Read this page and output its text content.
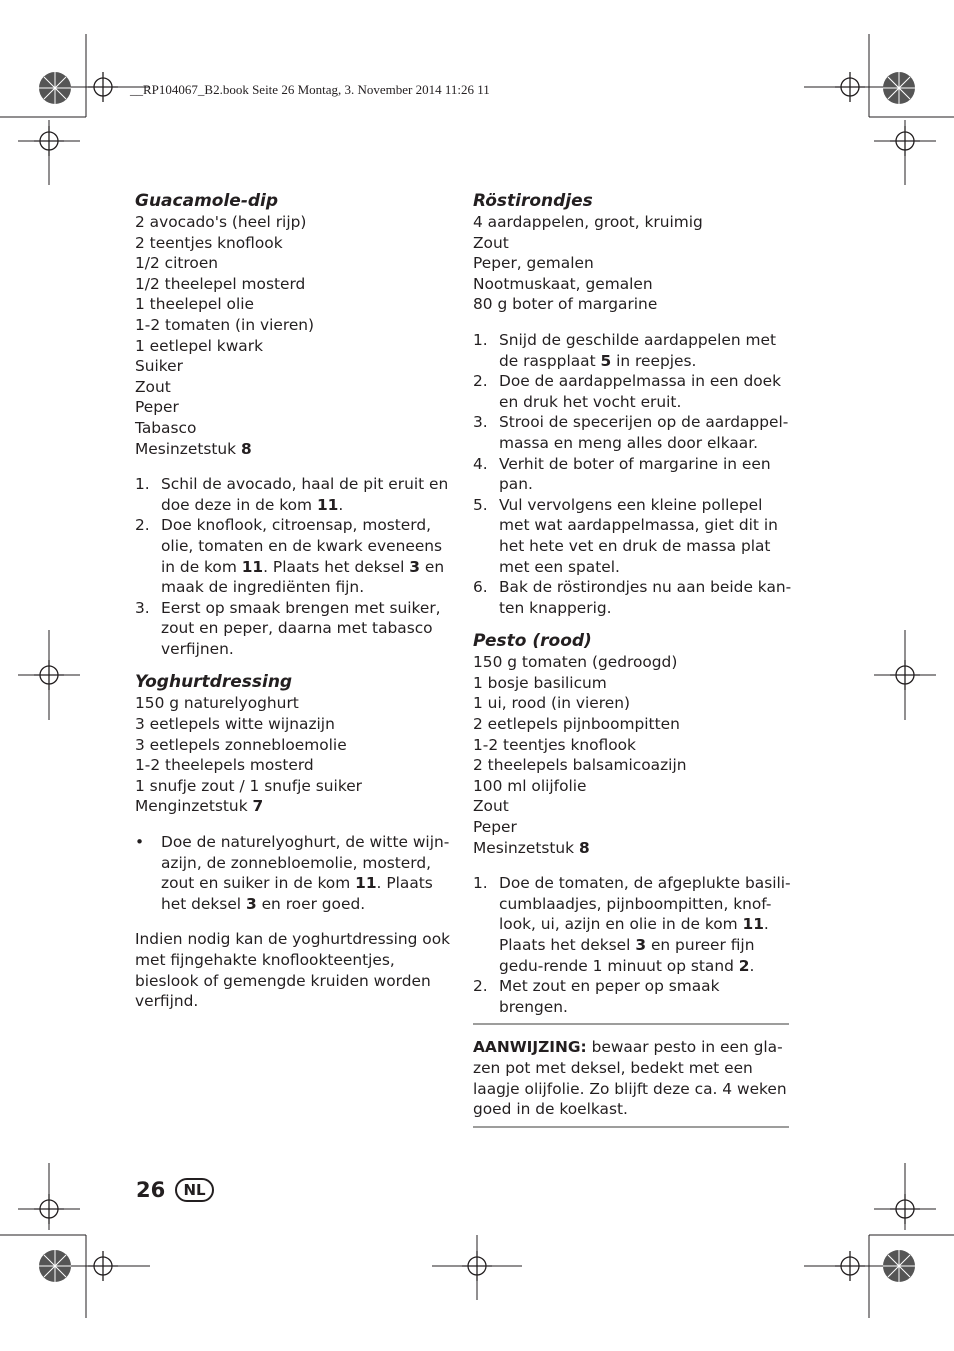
__RP104067_B2.book Seite 26 Montag, 3. November 2014 11:26 11
Guacamole-dip

2 avocado's (heel rijp)

2 teentjes knoflook

1/2 citroen

1/2 theelepel mosterd

1 theelepel olie

1-2 tomaten (in vieren)

1 eetlepel kwark

Suiker

Zout

Peper

Tabasco

Mesinzetstuk 8

1. Schil de avocado, haal de pit eruit en doe deze in de kom 11.
2. Doe knoflook, citroensap, mosterd, olie, tomaten en de kwark eveneens in de kom 11. Plaats het deksel 3 en maak de ingrediënten fijn.
3. Eerst op smaak brengen met suiker, zout en peper, daarna met tabasco verfijnen.
Yoghurtdressing

150 g naturelyoghurt

3 eetlepels witte wijnazijn

3 eetlepels zonnebloemolie

1-2 theelepels mosterd

1 snufje zout / 1 snufje suiker

Menginzetstuk 7

•	Doe de naturelyoghurt, de witte wijn-azijn, de zonnebloemolie, mosterd, zout en suiker in de kom 11. Plaats het deksel 3 en roer goed.

Indien nodig kan de yoghurtdressing ook met fijngehakte knoflookteentjes, bieslook of gemengde kruiden worden verfijnd.

Röstirondjes

4 aardappelen, groot, kruimig

Zout

Peper, gemalen

Nootmuskaat, gemalen

80 g boter of margarine

1. Snijd de geschilde aardappelen met de raspplaat 5 in reepjes.
2. Doe de aardappelmassa in een doek en druk het vocht eruit.
3. Strooi de specerijen op de aardappel-massa en meng alles door elkaar.
4. Verhit de boter of margarine in een pan.
5. Vul vervolgens een kleine pollepel met wat aardappelmassa, giet dit in het hete vet en druk de massa plat met een spatel.
6. Bak de röstirondjes nu aan beide kan-ten knapperig.
Pesto (rood)

150 g tomaten (gedroogd)

1 bosje basilicum

1 ui, rood (in vieren)

2 eetlepels pijnboompitten

1-2 teentjes knoflook

2 theelepels balsamicoazijn

100 ml olijfolie

Zout

Peper

Mesinzetstuk 8

1. Doe de tomaten, de afgeplukte basili-cumblaadjes, pijnboompitten, knof-look, ui, azijn en olie in de kom 11. Plaats het deksel 3 en pureer fijn gedu-rende 1 minuut op stand 2.
2. Met zout en peper op smaak brengen.
AANWIJZING: bewaar pesto in een gla-zen pot met deksel, bedekt met een laagje olijfolie. Zo blijft deze ca. 4 weken goed in de koelkast.
26	NL
